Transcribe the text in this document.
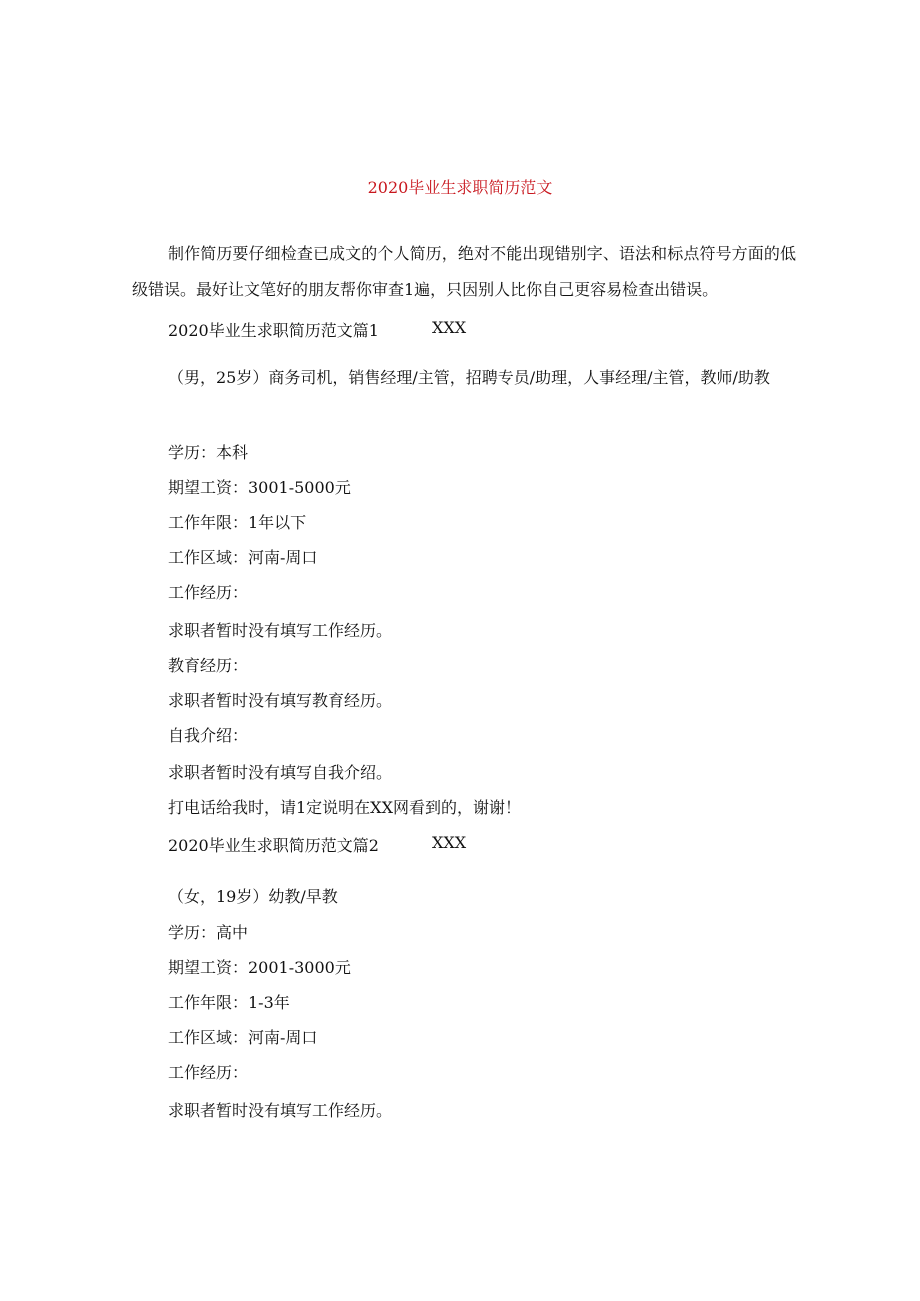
2020毕业生求职简历范文

制作简历要仔细检查已成文的个人简历，绝对不能出现错别字、语法和标点符号方面的低级错误。最好让文笔好的朋友帮你审查1遍，只因别人比你自己更容易检查出错误。

2020毕业生求职简历范文篇1	XXX

（男，25岁）商务司机，销售经理/主管，招聘专员/助理，人事经理/主管，教师/助教

学历：本科

期望工资：3001-5000元

工作年限：1年以下

工作区域：河南-周口

工作经历：

求职者暂时没有填写工作经历。

教育经历：

求职者暂时没有填写教育经历。

自我介绍：

求职者暂时没有填写自我介绍。

打电话给我时，请1定说明在XX网看到的，谢谢！

2020毕业生求职简历范文篇2	XXX

（女，19岁）幼教/早教

学历：高中

期望工资：2001-3000元

工作年限：1-3年

工作区域：河南-周口

工作经历：

求职者暂时没有填写工作经历。
